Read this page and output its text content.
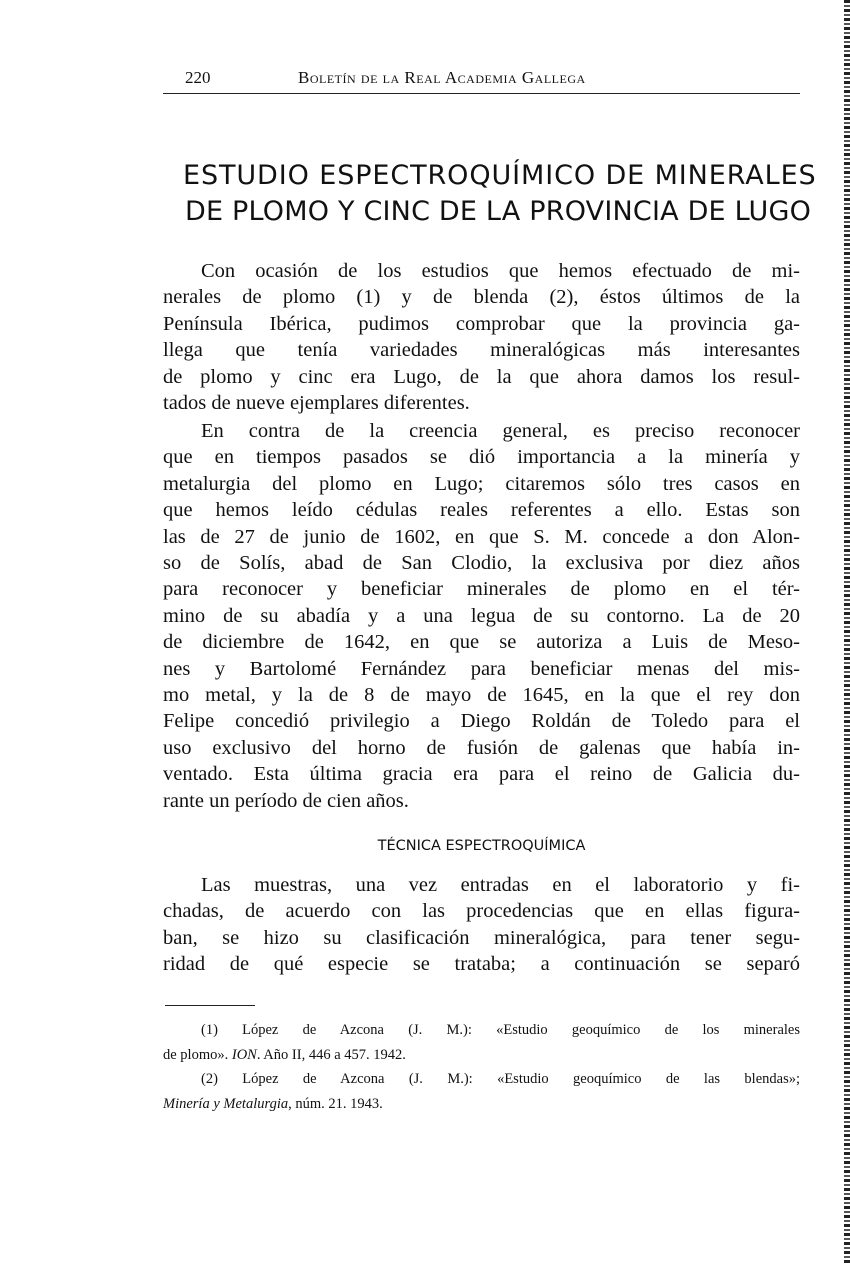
220	Boletín de la Real Academia Gallega
ESTUDIO ESPECTROQUÍMICO DE MINERALES
DE PLOMO Y CINC DE LA PROVINCIA DE LUGO
Con ocasión de los estudios que hemos efectuado de mi-
nerales de plomo (1) y de blenda (2), éstos últimos de la
Península Ibérica, pudimos comprobar que la provincia ga-
llega que tenía variedades mineralógicas más interesantes
de plomo y cinc era Lugo, de la que ahora damos los resul-
tados de nueve ejemplares diferentes.
En contra de la creencia general, es preciso reconocer
que en tiempos pasados se dió importancia a la minería y
metalurgia del plomo en Lugo; citaremos sólo tres casos en
que hemos leído cédulas reales referentes a ello. Estas son
las de 27 de junio de 1602, en que S. M. concede a don Alon-
so de Solís, abad de San Clodio, la exclusiva por diez años
para reconocer y beneficiar minerales de plomo en el tér-
mino de su abadía y a una legua de su contorno. La de 20
de diciembre de 1642, en que se autoriza a Luis de Meso-
nes y Bartolomé Fernández para beneficiar menas del mis-
mo metal, y la de 8 de mayo de 1645, en la que el rey don
Felipe concedió privilegio a Diego Roldán de Toledo para el
uso exclusivo del horno de fusión de galenas que había in-
ventado. Esta última gracia era para el reino de Galicia du-
rante un período de cien años.
TÉCNICA ESPECTROQUÍMICA
Las muestras, una vez entradas en el laboratorio y fi-
chadas, de acuerdo con las procedencias que en ellas figura-
ban, se hizo su clasificación mineralógica, para tener segu-
ridad de qué especie se trataba; a continuación se separó
(1) López de Azcona (J. M.): «Estudio geoquímico de los minerales
de plomo». ION. Año II, 446 a 457. 1942.
(2) López de Azcona (J. M.): «Estudio geoquímico de las blendas»;
Minería y Metalurgia, núm. 21. 1943.
